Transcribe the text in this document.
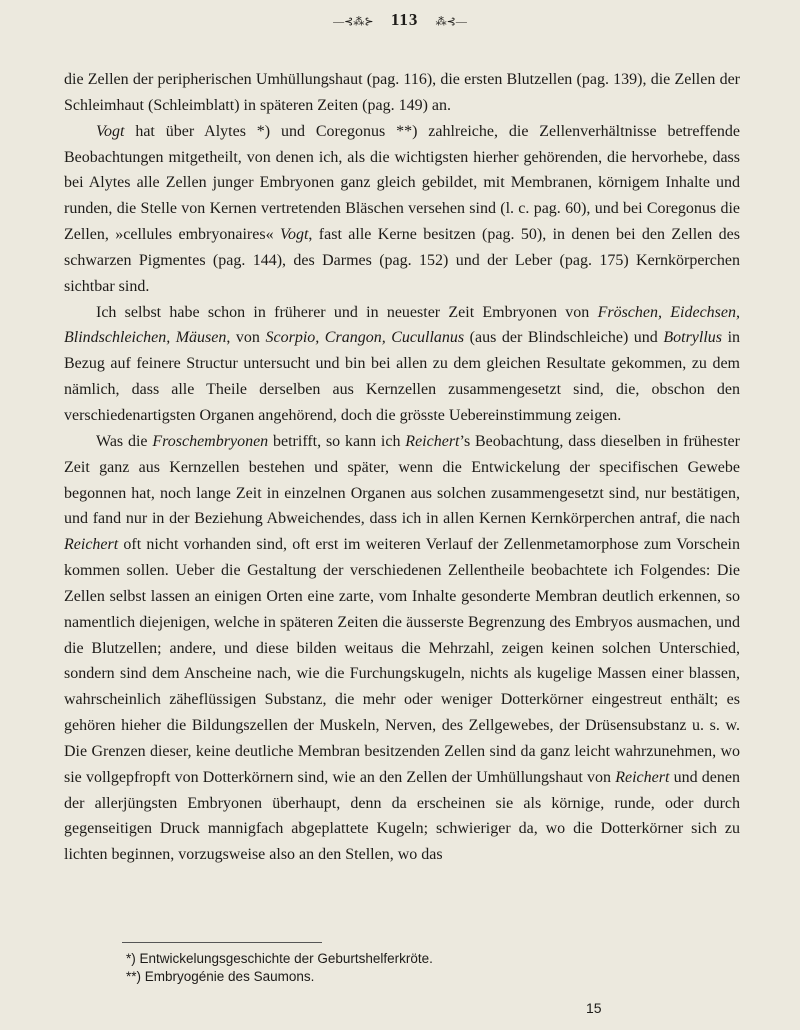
—⊰⁂⊱ 113 ⁂⊰—

die Zellen der peripherischen Umhüllungshaut (pag. 116), die ersten Blutzellen (pag. 139), die Zellen der Schleimhaut (Schleimblatt) in späteren Zeiten (pag. 149) an.

Vogt hat über Alytes *) und Coregonus **) zahlreiche, die Zellenverhältnisse betreffende Beobachtungen mitgetheilt, von denen ich, als die wichtigsten hierher gehörenden, die hervorhebe, dass bei Alytes alle Zellen junger Embryonen ganz gleich gebildet, mit Membranen, körnigem Inhalte und runden, die Stelle von Kernen vertretenden Bläschen versehen sind (l. c. pag. 60), und bei Coregonus die Zellen, »cellules embryonaires« Vogt, fast alle Kerne besitzen (pag. 50), in denen bei den Zellen des schwarzen Pigmentes (pag. 144), des Darmes (pag. 152) und der Leber (pag. 175) Kernkörperchen sichtbar sind.

Ich selbst habe schon in früherer und in neuester Zeit Embryonen von Fröschen, Eidechsen, Blindschleichen, Mäusen, von Scorpio, Crangon, Cucullanus (aus der Blindschleiche) und Botryllus in Bezug auf feinere Structur untersucht und bin bei allen zu dem gleichen Resultate gekommen, zu dem nämlich, dass alle Theile derselben aus Kernzellen zusammengesetzt sind, die, obschon den verschiedenartigsten Organen angehörend, doch die grösste Uebereinstimmung zeigen.

Was die Froschembryonen betrifft, so kann ich Reichert’s Beobachtung, dass dieselben in frühester Zeit ganz aus Kernzellen bestehen und später, wenn die Entwickelung der specifischen Gewebe begonnen hat, noch lange Zeit in einzelnen Organen aus solchen zusammengesetzt sind, nur bestätigen, und fand nur in der Beziehung Abweichendes, dass ich in allen Kernen Kernkörperchen antraf, die nach Reichert oft nicht vorhanden sind, oft erst im weiteren Verlauf der Zellenmetamorphose zum Vorschein kommen sollen. Ueber die Gestaltung der verschiedenen Zellentheile beobachtete ich Folgendes: Die Zellen selbst lassen an einigen Orten eine zarte, vom Inhalte gesonderte Membran deutlich erkennen, so namentlich diejenigen, welche in späteren Zeiten die äusserste Begrenzung des Embryos ausmachen, und die Blutzellen; andere, und diese bilden weitaus die Mehrzahl, zeigen keinen solchen Unterschied, sondern sind dem Anscheine nach, wie die Furchungskugeln, nichts als kugelige Massen einer blassen, wahrscheinlich zäheflüssigen Substanz, die mehr oder weniger Dotterkörner eingestreut enthält; es gehören hieher die Bildungszellen der Muskeln, Nerven, des Zellgewebes, der Drüsensubstanz u. s. w. Die Grenzen dieser, keine deutliche Membran besitzenden Zellen sind da ganz leicht wahrzunehmen, wo sie vollgepfropft von Dotterkörnern sind, wie an den Zellen der Umhüllungshaut von Reichert und denen der allerjüngsten Embryonen überhaupt, denn da erscheinen sie als körnige, runde, oder durch gegenseitigen Druck mannigfach abgeplattete Kugeln; schwieriger da, wo die Dotterkörner sich zu lichten beginnen, vorzugsweise also an den Stellen, wo das

*) Entwickelungsgeschichte der Geburtshelferkröte.
**) Embryogénie des Saumons.
15
